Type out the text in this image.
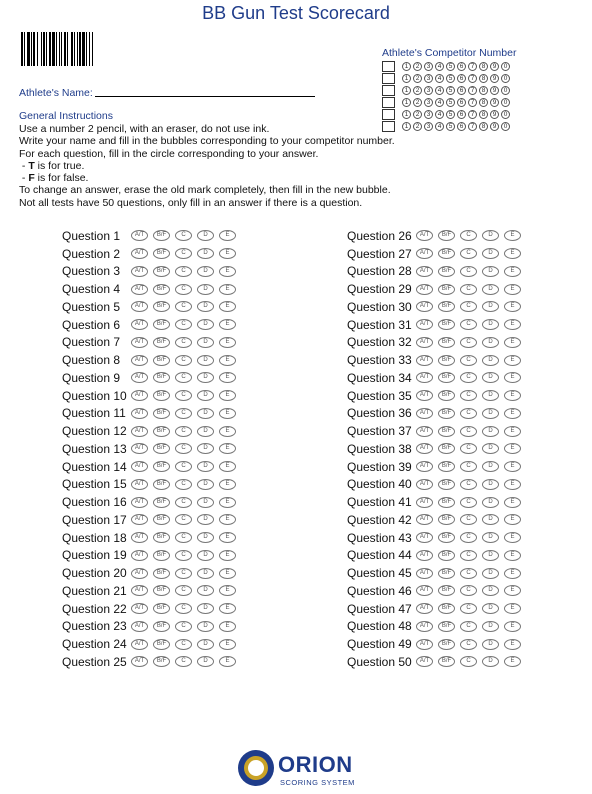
BB Gun Test Scorecard
Athlete's Competitor Number
1	2	3	4	5	6	7	8	9	0
1	2	3	4	5	6	7	8	9	0
1	2	3	4	5	6	7	8	9	0
1	2	3	4	5	6	7	8	9	0
1	2	3	4	5	6	7	8	9	0
1	2	3	4	5	6	7	8	9	0
Athlete's Name:
General Instructions
Use a number 2 pencil, with an eraser, do not use ink.
Write your name and fill in the bubbles corresponding to your competitor number.
For each question, fill in the circle corresponding to your answer.
- T is for true.
- F is for false.
To change an answer, erase the old mark completely, then fill in the new bubble.
Not all tests have 50 questions, only fill in an answer if there is a question.
Question 1	A/T	B/F	C	D	E
Question 2	A/T	B/F	C	D	E
Question 3	A/T	B/F	C	D	E
Question 4	A/T	B/F	C	D	E
Question 5	A/T	B/F	C	D	E
Question 6	A/T	B/F	C	D	E
Question 7	A/T	B/F	C	D	E
Question 8	A/T	B/F	C	D	E
Question 9	A/T	B/F	C	D	E
Question 10	A/T	B/F	C	D	E
Question 11	A/T	B/F	C	D	E
Question 12	A/T	B/F	C	D	E
Question 13	A/T	B/F	C	D	E
Question 14	A/T	B/F	C	D	E
Question 15	A/T	B/F	C	D	E
Question 16	A/T	B/F	C	D	E
Question 17	A/T	B/F	C	D	E
Question 18	A/T	B/F	C	D	E
Question 19	A/T	B/F	C	D	E
Question 20	A/T	B/F	C	D	E
Question 21	A/T	B/F	C	D	E
Question 22	A/T	B/F	C	D	E
Question 23	A/T	B/F	C	D	E
Question 24	A/T	B/F	C	D	E
Question 25	A/T	B/F	C	D	E
Question 26	A/T	B/F	C	D	E
Question 27	A/T	B/F	C	D	E
Question 28	A/T	B/F	C	D	E
Question 29	A/T	B/F	C	D	E
Question 30	A/T	B/F	C	D	E
Question 31	A/T	B/F	C	D	E
Question 32	A/T	B/F	C	D	E
Question 33	A/T	B/F	C	D	E
Question 34	A/T	B/F	C	D	E
Question 35	A/T	B/F	C	D	E
Question 36	A/T	B/F	C	D	E
Question 37	A/T	B/F	C	D	E
Question 38	A/T	B/F	C	D	E
Question 39	A/T	B/F	C	D	E
Question 40	A/T	B/F	C	D	E
Question 41	A/T	B/F	C	D	E
Question 42	A/T	B/F	C	D	E
Question 43	A/T	B/F	C	D	E
Question 44	A/T	B/F	C	D	E
Question 45	A/T	B/F	C	D	E
Question 46	A/T	B/F	C	D	E
Question 47	A/T	B/F	C	D	E
Question 48	A/T	B/F	C	D	E
Question 49	A/T	B/F	C	D	E
Question 50	A/T	B/F	C	D	E
ORION
SCORING SYSTEM
